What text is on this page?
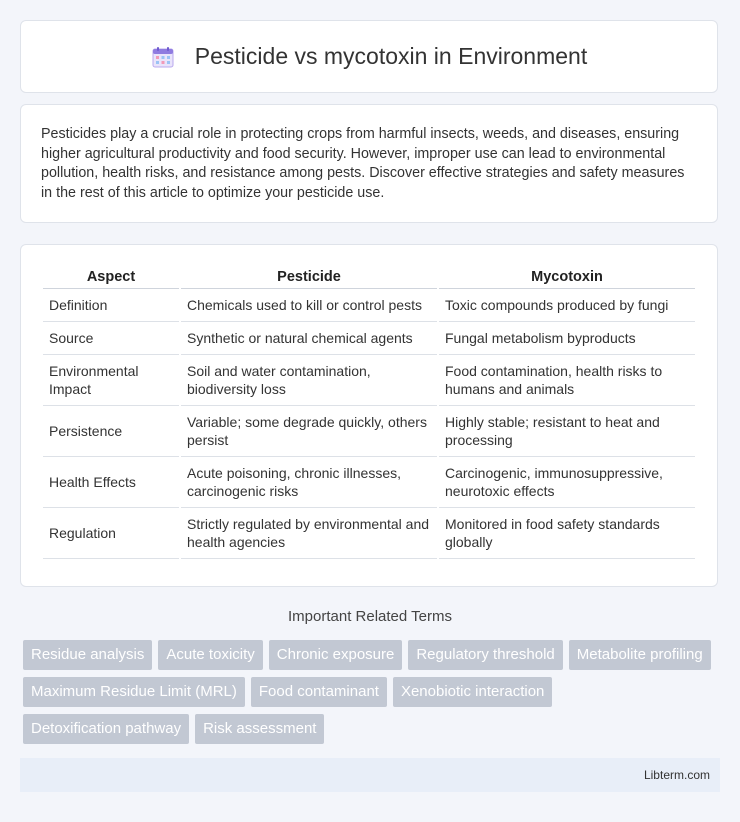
Pesticide vs mycotoxin in Environment

Pesticides play a crucial role in protecting crops from harmful insects, weeds, and diseases, ensuring higher agricultural productivity and food security. However, improper use can lead to environmental pollution, health risks, and resistance among pests. Discover effective strategies and safety measures in the rest of this article to optimize your pesticide use.

Aspect	Pesticide	Mycotoxin
Definition	Chemicals used to kill or control pests	Toxic compounds produced by fungi
Source	Synthetic or natural chemical agents	Fungal metabolism byproducts
Environmental Impact	Soil and water contamination, biodiversity loss	Food contamination, health risks to humans and animals
Persistence	Variable; some degrade quickly, others persist	Highly stable; resistant to heat and processing
Health Effects	Acute poisoning, chronic illnesses, carcinogenic risks	Carcinogenic, immunosuppressive, neurotoxic effects
Regulation	Strictly regulated by environmental and health agencies	Monitored in food safety standards globally
Important Related Terms
Residue analysis	Acute toxicity	Chronic exposure	Regulatory threshold	Metabolite profiling
Maximum Residue Limit (MRL)	Food contaminant	Xenobiotic interaction
Detoxification pathway	Risk assessment
Libterm.com
